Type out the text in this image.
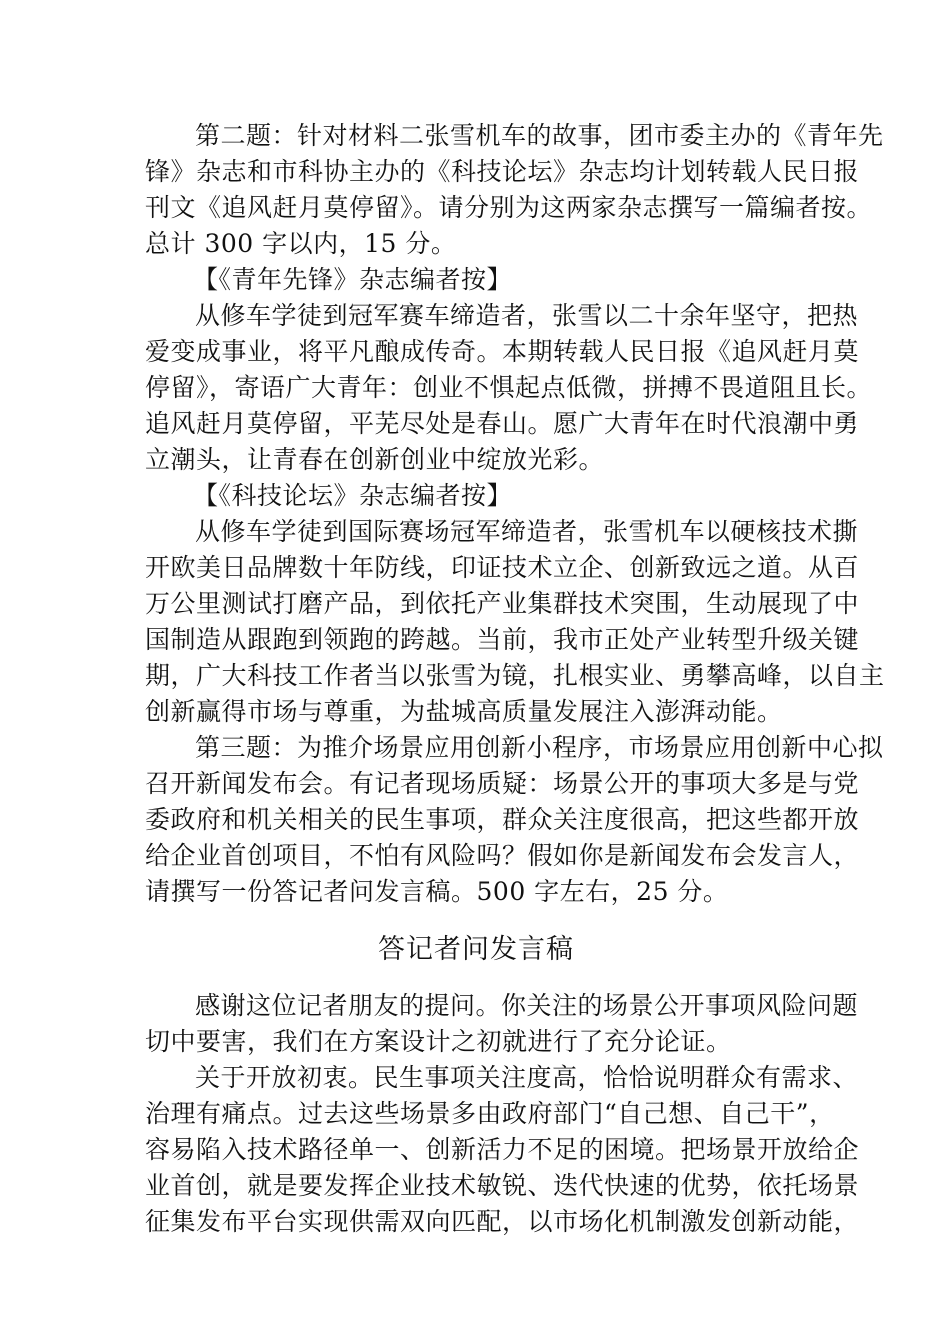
第二题：针对材料二张雪机车的故事，团市委主办的《青年先
锋》杂志和市科协主办的《科技论坛》杂志均计划转载人民日报
刊文《追风赶月莫停留》。请分别为这两家杂志撰写一篇编者按。
总计 300 字以内，15 分。
【《青年先锋》杂志编者按】
从修车学徒到冠军赛车缔造者，张雪以二十余年坚守，把热
爱变成事业，将平凡酿成传奇。本期转载人民日报《追风赶月莫
停留》，寄语广大青年：创业不惧起点低微，拼搏不畏道阻且长。
追风赶月莫停留，平芜尽处是春山。愿广大青年在时代浪潮中勇
立潮头，让青春在创新创业中绽放光彩。
【《科技论坛》杂志编者按】
从修车学徒到国际赛场冠军缔造者，张雪机车以硬核技术撕
开欧美日品牌数十年防线，印证技术立企、创新致远之道。从百
万公里测试打磨产品，到依托产业集群技术突围，生动展现了中
国制造从跟跑到领跑的跨越。当前，我市正处产业转型升级关键
期，广大科技工作者当以张雪为镜，扎根实业、勇攀高峰，以自主
创新赢得市场与尊重，为盐城高质量发展注入澎湃动能。
第三题：为推介场景应用创新小程序，市场景应用创新中心拟
召开新闻发布会。有记者现场质疑：场景公开的事项大多是与党
委政府和机关相关的民生事项，群众关注度很高，把这些都开放
给企业首创项目，不怕有风险吗？假如你是新闻发布会发言人，
请撰写一份答记者问发言稿。500 字左右，25 分。
答记者问发言稿
感谢这位记者朋友的提问。你关注的场景公开事项风险问题
切中要害，我们在方案设计之初就进行了充分论证。
关于开放初衷。民生事项关注度高，恰恰说明群众有需求、
治理有痛点。过去这些场景多由政府部门“自己想、自己干”，
容易陷入技术路径单一、创新活力不足的困境。把场景开放给企
业首创，就是要发挥企业技术敏锐、迭代快速的优势，依托场景
征集发布平台实现供需双向匹配，以市场化机制激发创新动能，
